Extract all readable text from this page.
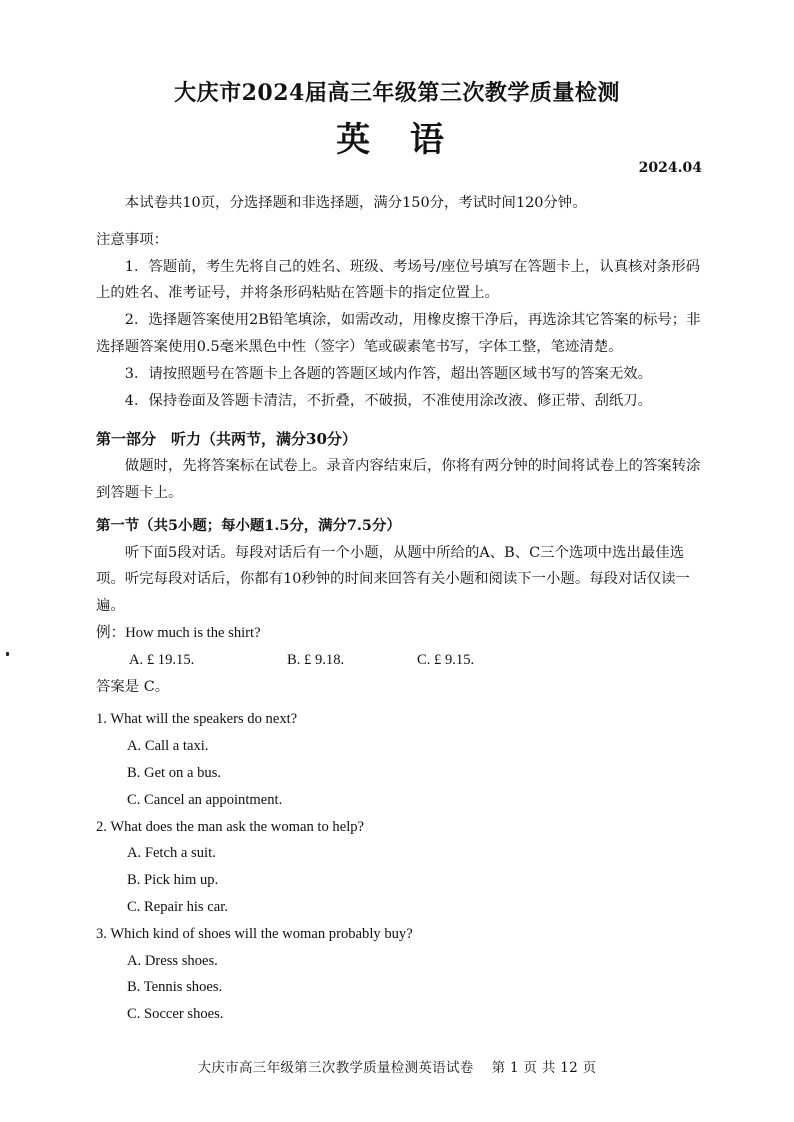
大庆市2024届高三年级第三次教学质量检测
英 语
2024.04
本试卷共10页，分选择题和非选择题，满分150分，考试时间120分钟。
注意事项：
1．答题前，考生先将自己的姓名、班级、考场号/座位号填写在答题卡上，认真核对条形码上的姓名、准考证号，并将条形码粘贴在答题卡的指定位置上。
2．选择题答案使用2B铅笔填涂，如需改动，用橡皮擦干净后，再选涂其它答案的标号；非选择题答案使用0.5毫米黑色中性（签字）笔或碳素笔书写，字体工整，笔迹清楚。
3．请按照题号在答题卡上各题的答题区域内作答，超出答题区域书写的答案无效。
4．保持卷面及答题卡清洁，不折叠，不破损，不准使用涂改液、修正带、刮纸刀。
第一部分　听力（共两节，满分30分）
做题时，先将答案标在试卷上。录音内容结束后，你将有两分钟的时间将试卷上的答案转涂到答题卡上。
第一节（共5小题；每小题1.5分，满分7.5分）
听下面5段对话。每段对话后有一个小题，从题中所给的A、B、C三个选项中选出最佳选项。听完每段对话后，你都有10秒钟的时间来回答有关小题和阅读下一小题。每段对话仅读一遍。
例：How much is the shirt?
A. £ 19.15.	B. £ 9.18.	C. £ 9.15.
答案是 C。
1. What will the speakers do next?
A. Call a taxi.
B. Get on a bus.
C. Cancel an appointment.
2. What does the man ask the woman to help?
A. Fetch a suit.
B. Pick him up.
C. Repair his car.
3. Which kind of shoes will the woman probably buy?
A. Dress shoes.
B. Tennis shoes.
C. Soccer shoes.
大庆市高三年级第三次教学质量检测英语试卷 第 1 页 共 12 页
